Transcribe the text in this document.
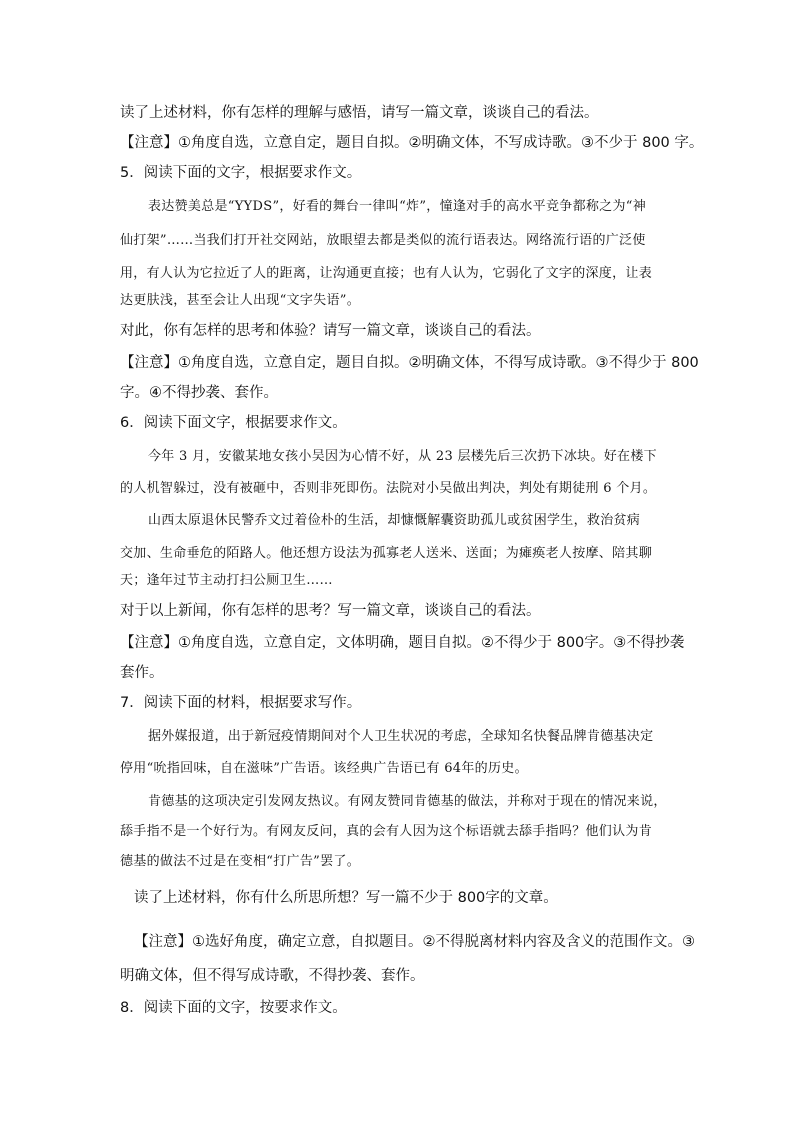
读了上述材料，你有怎样的理解与感悟，请写一篇文章，谈谈自己的看法。
【注意】①角度自选，立意自定，题目自拟。②明确文体，不写成诗歌。③不少于 800 字。
5．阅读下面的文字，根据要求作文。
表达赞美总是“YYDS”，好看的舞台一律叫“炸”，憧逢对手的高水平竞争都称之为“神
仙打架”……当我们打开社交网站，放眼望去都是类似的流行语表达。网络流行语的广泛使
用，有人认为它拉近了人的距离，让沟通更直接；也有人认为，它弱化了文字的深度，让表
达更肤浅，甚至会让人出现“文字失语”。
对此，你有怎样的思考和体验？请写一篇文章，谈谈自己的看法。
【注意】①角度自选，立意自定，题目自拟。②明确文体，不得写成诗歌。③不得少于 800
字。④不得抄袭、套作。
6．阅读下面文字，根据要求作文。
今年 3 月，安徽某地女孩小吴因为心情不好，从 23 层楼先后三次扔下冰块。好在楼下
的人机智躲过，没有被砸中，否则非死即伤。法院对小吴做出判决，判处有期徒刑 6 个月。
山西太原退休民警乔文过着俭朴的生活，却慷慨解囊资助孤儿或贫困学生，救治贫病
交加、生命垂危的陌路人。他还想方设法为孤寡老人送米、送面；为瘫痪老人按摩、陪其聊
天；逢年过节主动打扫公厕卫生……
对于以上新闻，你有怎样的思考？写一篇文章，谈谈自己的看法。
【注意】①角度自选，立意自定，文体明确，题目自拟。②不得少于 800字。③不得抄袭
套作。
7．阅读下面的材料，根据要求写作。
据外媒报道，出于新冠疫情期间对个人卫生状况的考虑，全球知名快餐品牌肯德基决定
停用“吮指回味，自在滋味”广告语。该经典广告语已有 64年的历史。
肯德基的这项决定引发网友热议。有网友赞同肯德基的做法，并称对于现在的情况来说，
舔手指不是一个好行为。有网友反问，真的会有人因为这个标语就去舔手指吗？他们认为肯
德基的做法不过是在变相“打广告”罢了。
读了上述材料，你有什么所思所想？写一篇不少于 800字的文章。
【注意】①选好角度，确定立意，自拟题目。②不得脱离材料内容及含义的范围作文。③
明确文体，但不得写成诗歌，不得抄袭、套作。
8．阅读下面的文字，按要求作文。
